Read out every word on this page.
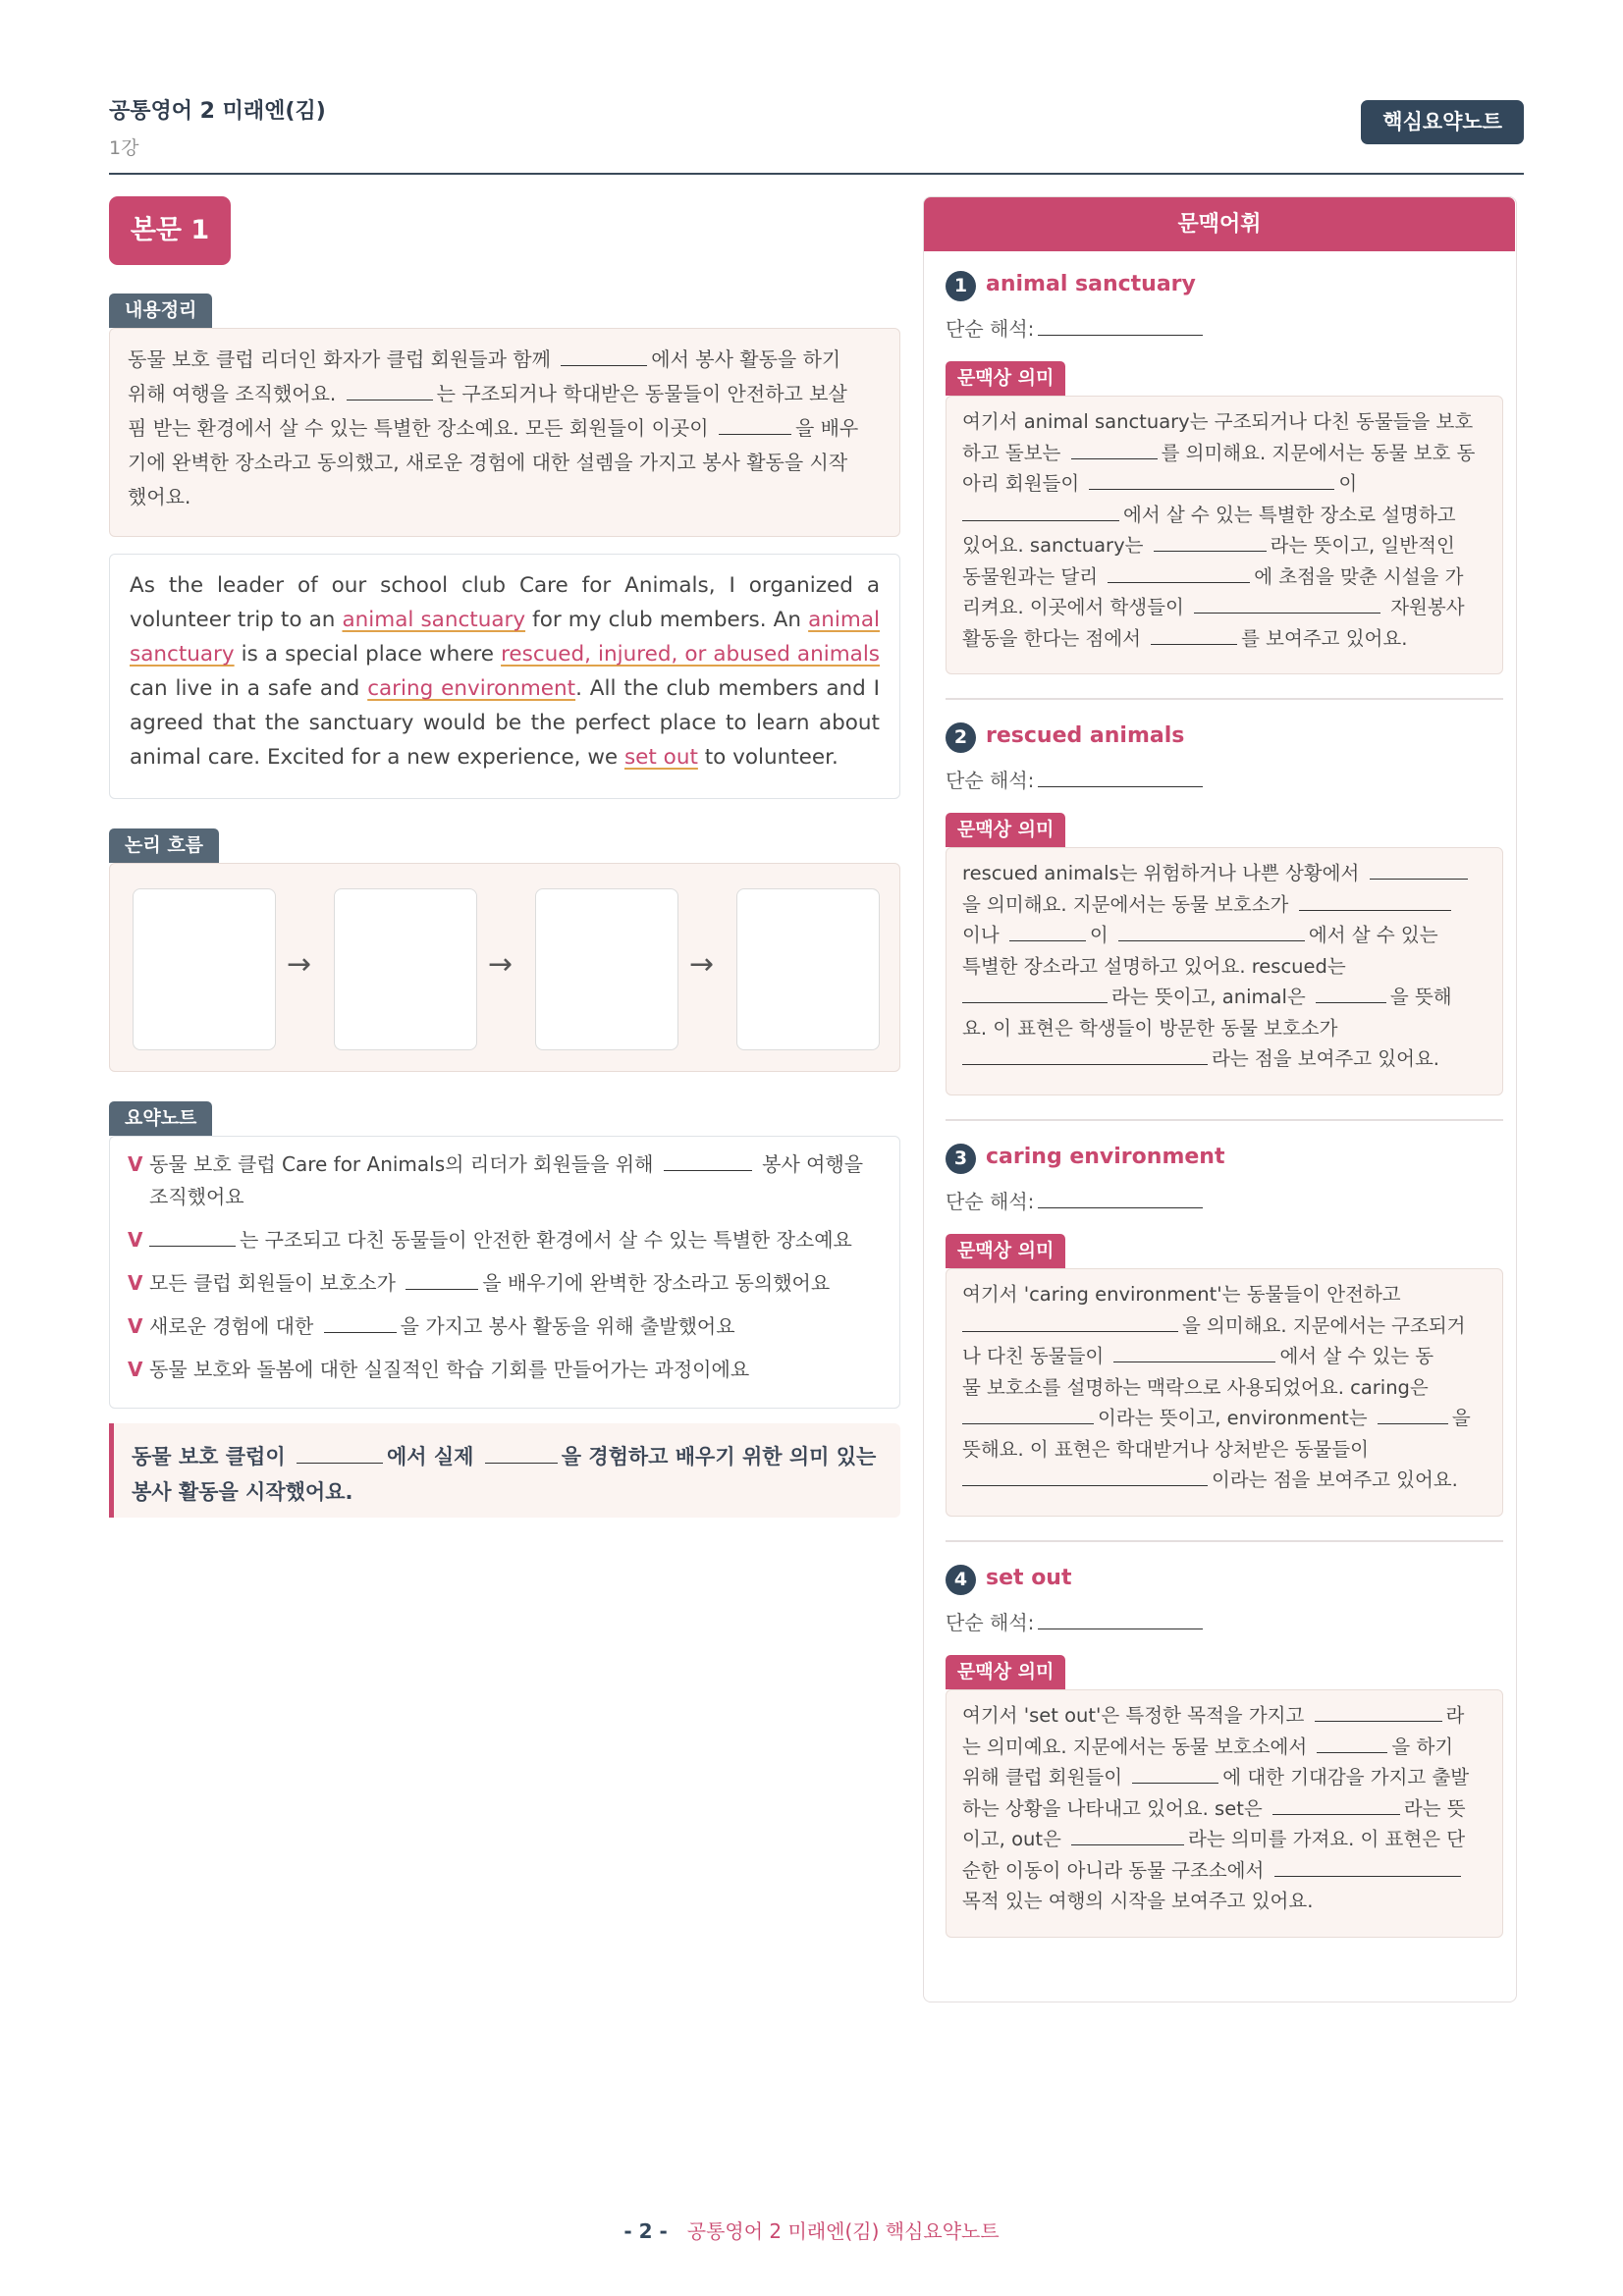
공통영어 2 미래엔(김)
1강
핵심요약노트
본문 1
내용정리
동물 보호 클럽 리더인 화자가 클럽 회원들과 함께	에서 봉사 활동을 하기
위해 여행을 조직했어요.	는 구조되거나 학대받은 동물들이 안전하고 보살
핌 받는 환경에서 살 수 있는 특별한 장소예요. 모든 회원들이 이곳이	을 배우
기에 완벽한 장소라고 동의했고, 새로운 경험에 대한 설렘을 가지고 봉사 활동을 시작
했어요.
As the leader of our school club Care for Animals, I organized a volunteer trip to an animal sanctuary for my club members. An animal sanctuary is a special place where rescued, injured, or abused animals can live in a safe and caring environment. All the club members and I agreed that the sanctuary would be the perfect place to learn about animal care. Excited for a new experience, we set out to volunteer.
논리 흐름
→	→	→
요약노트
V 동물 보호 클럽 Care for Animals의 리더가 회원들을 위해	봉사 여행을
조직했어요
V	는 구조되고 다친 동물들이 안전한 환경에서 살 수 있는 특별한 장소예요
V 모든 클럽 회원들이 보호소가	을 배우기에 완벽한 장소라고 동의했어요
V 새로운 경험에 대한	을 가지고 봉사 활동을 위해 출발했어요
V 동물 보호와 돌봄에 대한 실질적인 학습 기회를 만들어가는 과정이에요
동물 보호 클럽이	에서 실제	을 경험하고 배우기 위한 의미 있는
봉사 활동을 시작했어요.
문맥어휘
1 animal sanctuary
단순 해석:
문맥상 의미
여기서 animal sanctuary는 구조되거나 다친 동물들을 보호
하고 돌보는	를 의미해요. 지문에서는 동물 보호 동
아리 회원들이	이
에서 살 수 있는 특별한 장소로 설명하고
있어요. sanctuary는	라는 뜻이고, 일반적인
동물원과는 달리	에 초점을 맞춘 시설을 가
리켜요. 이곳에서 학생들이	자원봉사
활동을 한다는 점에서	를 보여주고 있어요.
2 rescued animals
단순 해석:
문맥상 의미
rescued animals는 위험하거나 나쁜 상황에서
을 의미해요. 지문에서는 동물 보호소가
이나	이	에서 살 수 있는
특별한 장소라고 설명하고 있어요. rescued는
라는 뜻이고, animal은	을 뜻해
요. 이 표현은 학생들이 방문한 동물 보호소가
라는 점을 보여주고 있어요.
3 caring environment
단순 해석:
문맥상 의미
여기서 'caring environment'는 동물들이 안전하고
을 의미해요. 지문에서는 구조되거
나 다친 동물들이	에서 살 수 있는 동
물 보호소를 설명하는 맥락으로 사용되었어요. caring은
이라는 뜻이고, environment는	을
뜻해요. 이 표현은 학대받거나 상처받은 동물들이
이라는 점을 보여주고 있어요.
4 set out
단순 해석:
문맥상 의미
여기서 'set out'은 특정한 목적을 가지고	라
는 의미예요. 지문에서는 동물 보호소에서	을 하기
위해 클럽 회원들이	에 대한 기대감을 가지고 출발
하는 상황을 나타내고 있어요. set은	라는 뜻
이고, out은	라는 의미를 가져요. 이 표현은 단
순한 이동이 아니라 동물 구조소에서
목적 있는 여행의 시작을 보여주고 있어요.
- 2 - 공통영어 2 미래엔(김) 핵심요약노트
